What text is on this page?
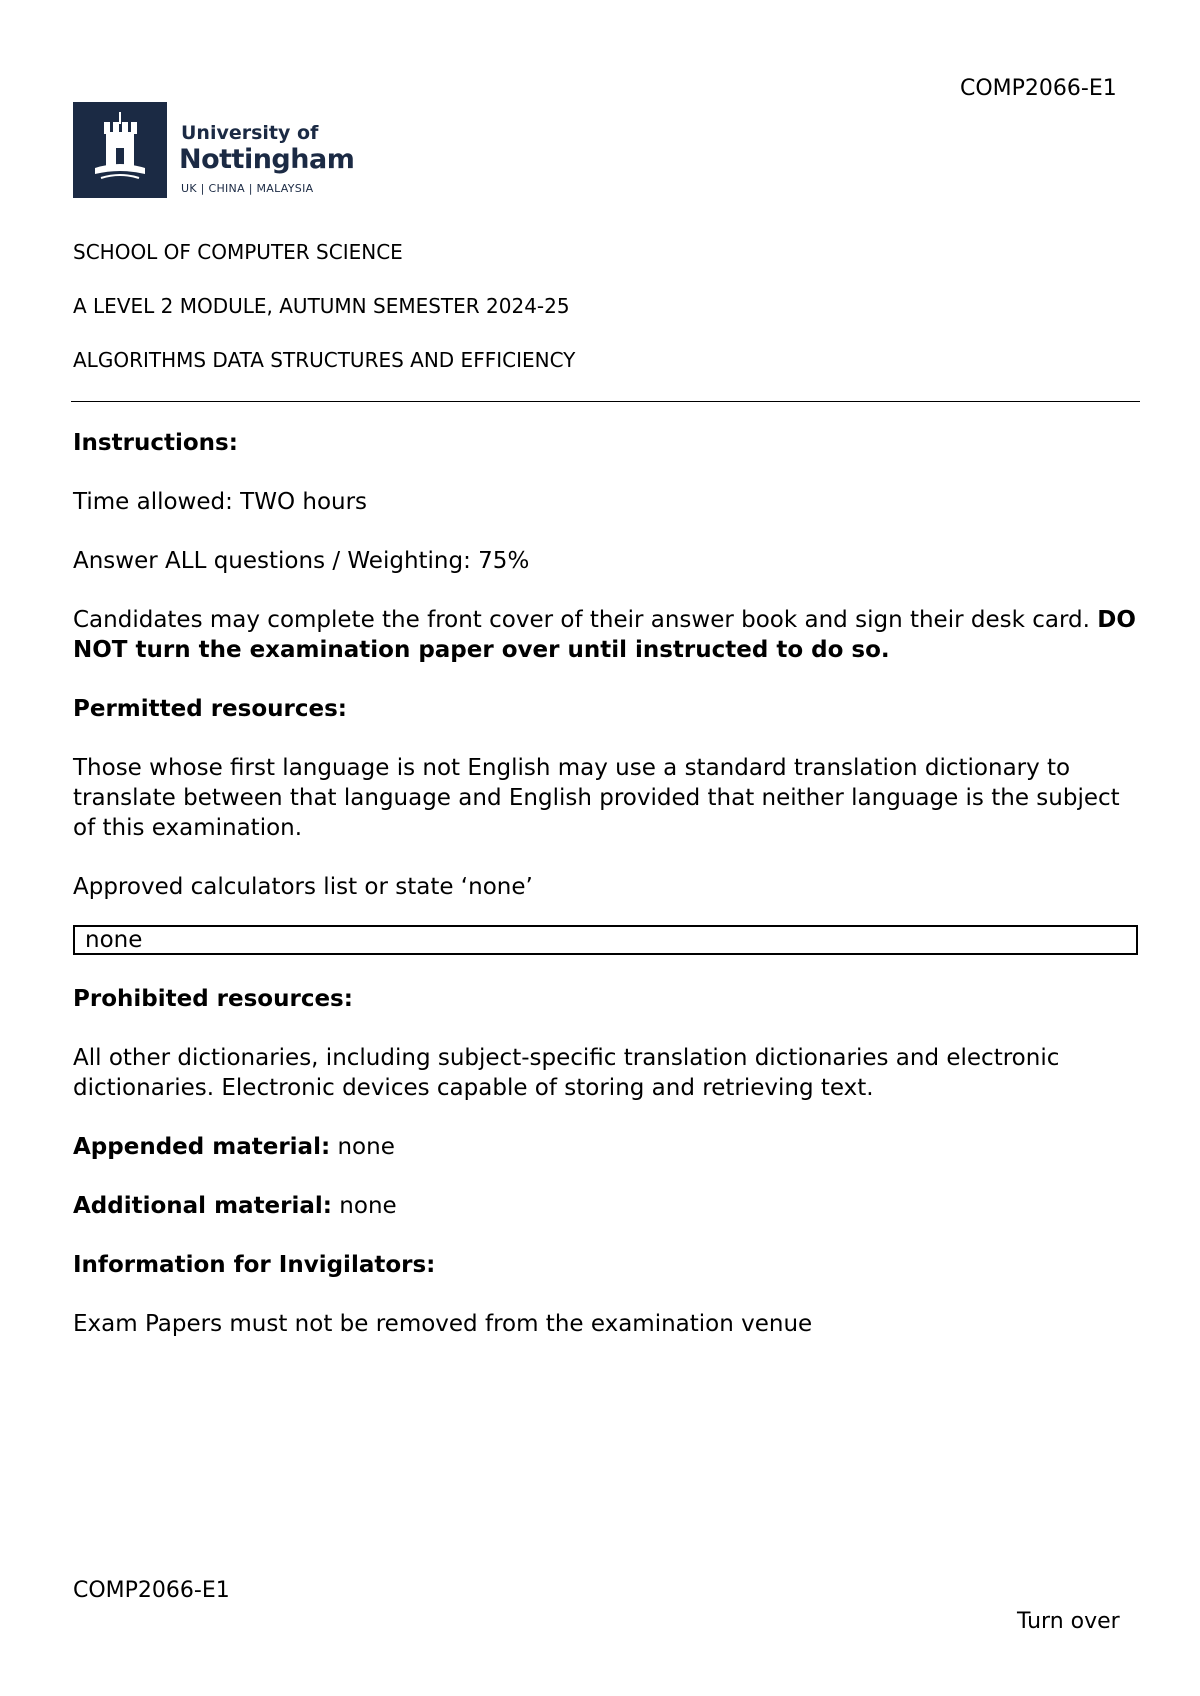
COMP2066-E1
University of
Nottingham
UK | CHINA | MALAYSIA
SCHOOL OF COMPUTER SCIENCE
A LEVEL 2 MODULE, AUTUMN SEMESTER 2024-25
ALGORITHMS DATA STRUCTURES AND EFFICIENCY

Instructions:

Time allowed: TWO hours

Answer ALL questions / Weighting: 75%

Candidates may complete the front cover of their answer book and sign their desk card. DO NOT turn the examination paper over until instructed to do so.

Permitted resources:

Those whose first language is not English may use a standard translation dictionary to translate between that language and English provided that neither language is the subject of this examination.

Approved calculators list or state ‘none’

none

Prohibited resources:

All other dictionaries, including subject-specific translation dictionaries and electronic dictionaries. Electronic devices capable of storing and retrieving text.

Appended material: none

Additional material: none

Information for Invigilators:

Exam Papers must not be removed from the examination venue

COMP2066-E1
Turn over
